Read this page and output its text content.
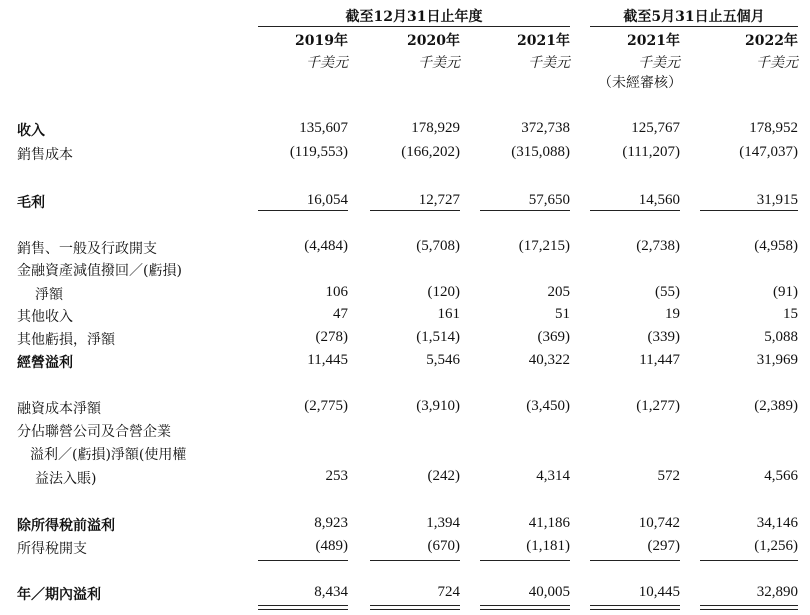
截至12月31日止年度	截至5月31日止五個月
2019年	2020年	2021年	2021年	2022年
千美元	千美元	千美元	千美元	千美元
（未經審核）
收入	135,607	178,929	372,738	125,767	178,952
銷售成本	(119,553)	(166,202)	(315,088)	(111,207)	(147,037)
毛利	16,054	12,727	57,650	14,560	31,915
銷售、一般及行政開支	(4,484)	(5,708)	(17,215)	(2,738)	(4,958)
金融資產減值撥回／(虧損)
淨額	106	(120)	205	(55)	(91)
其他收入	47	161	51	19	15
其他虧損，淨額	(278)	(1,514)	(369)	(339)	5,088
經營溢利	11,445	5,546	40,322	11,447	31,969
融資成本淨額	(2,775)	(3,910)	(3,450)	(1,277)	(2,389)
分佔聯營公司及合營企業
溢利／(虧損)淨額(使用權
益法入賬)	253	(242)	4,314	572	4,566
除所得稅前溢利	8,923	1,394	41,186	10,742	34,146
所得稅開支	(489)	(670)	(1,181)	(297)	(1,256)
年／期內溢利	8,434	724	40,005	10,445	32,890
